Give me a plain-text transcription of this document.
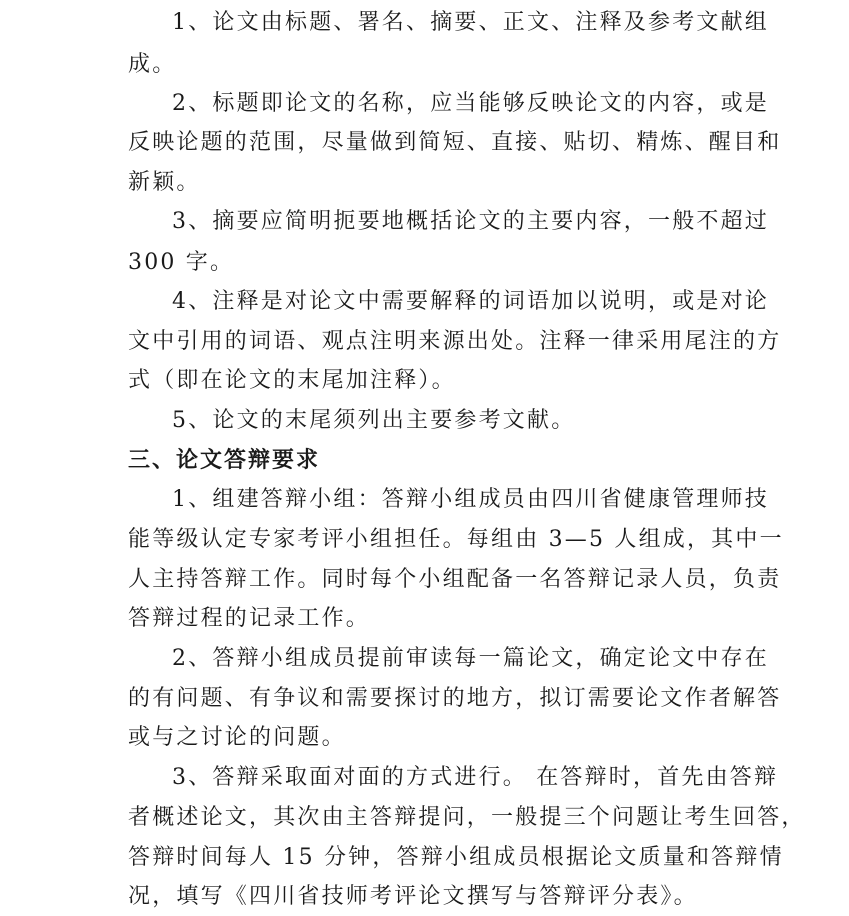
1、论文由标题、署名、摘要、正文、注释及参考文献组
成。
2、标题即论文的名称，应当能够反映论文的内容，或是
反映论题的范围，尽量做到简短、直接、贴切、精炼、醒目和
新颖。
3、摘要应简明扼要地概括论文的主要内容，一般不超过
300 字。
4、注释是对论文中需要解释的词语加以说明，或是对论
文中引用的词语、观点注明来源出处。注释一律采用尾注的方
式（即在论文的末尾加注释）。
5、论文的末尾须列出主要参考文献。
三、论文答辩要求
1、组建答辩小组：答辩小组成员由四川省健康管理师技
能等级认定专家考评小组担任。每组由 3—5 人组成，其中一
人主持答辩工作。同时每个小组配备一名答辩记录人员，负责
答辩过程的记录工作。
2、答辩小组成员提前审读每一篇论文，确定论文中存在
的有问题、有争议和需要探讨的地方，拟订需要论文作者解答
或与之讨论的问题。
3、答辩采取面对面的方式进行。 在答辩时，首先由答辩
者概述论文，其次由主答辩提问，一般提三个问题让考生回答，
答辩时间每人 15 分钟，答辩小组成员根据论文质量和答辩情
况，填写《四川省技师考评论文撰写与答辩评分表》。
